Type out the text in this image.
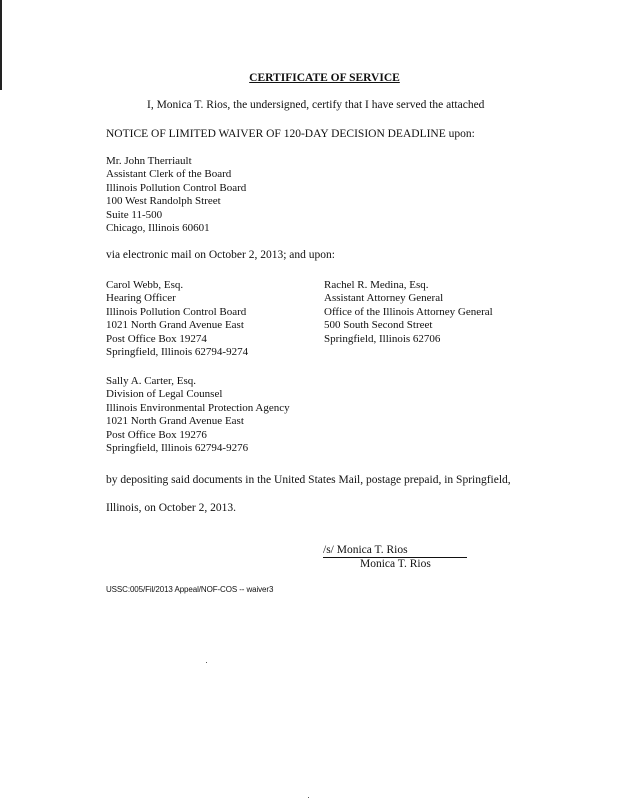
CERTIFICATE OF SERVICE
I, Monica T. Rios, the undersigned, certify that I have served the attached
NOTICE OF LIMITED WAIVER OF 120-DAY DECISION DEADLINE upon:
Mr. John Therriault
Assistant Clerk of the Board
Illinois Pollution Control Board
100 West Randolph Street
Suite 11-500
Chicago, Illinois 60601
via electronic mail on October 2, 2013; and upon:
Carol Webb, Esq.
Hearing Officer
Illinois Pollution Control Board
1021 North Grand Avenue East
Post Office Box 19274
Springfield, Illinois 62794-9274
Rachel R. Medina, Esq.
Assistant Attorney General
Office of the Illinois Attorney General
500 South Second Street
Springfield, Illinois 62706
Sally A. Carter, Esq.
Division of Legal Counsel
Illinois Environmental Protection Agency
1021 North Grand Avenue East
Post Office Box 19276
Springfield, Illinois 62794-9276
by depositing said documents in the United States Mail, postage prepaid, in Springfield,
Illinois, on October 2, 2013.
/s/ Monica T. Rios
Monica T. Rios
USSC:005/Fil/2013 Appeal/NOF-COS -- waiver3
